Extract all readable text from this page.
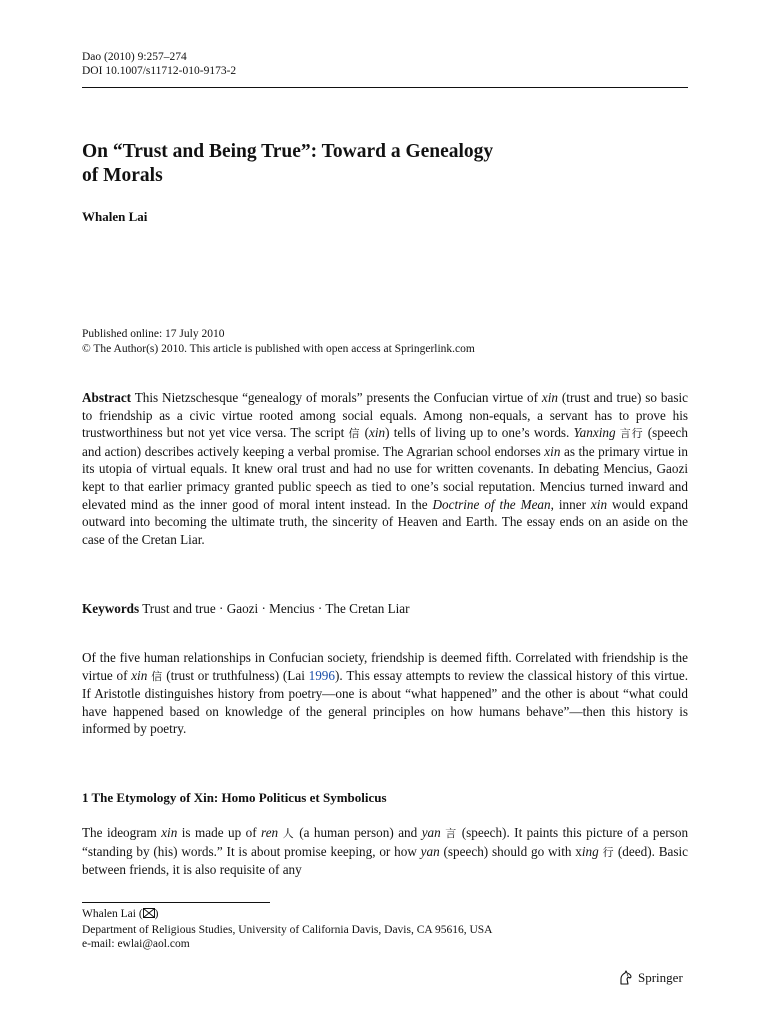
Dao (2010) 9:257–274
DOI 10.1007/s11712-010-9173-2
On “Trust and Being True”: Toward a Genealogy
of Morals
Whalen Lai
Published online: 17 July 2010
© The Author(s) 2010. This article is published with open access at Springerlink.com

Abstract This Nietzschesque “genealogy of morals” presents the Confucian virtue of xin (trust and true) so basic to friendship as a civic virtue rooted among social equals. Among non-equals, a servant has to prove his trustworthiness but not yet vice versa. The script 信 (xin) tells of living up to one’s words. Yanxing 言行 (speech and action) describes actively keeping a verbal promise. The Agrarian school endorses xin as the primary virtue in its utopia of virtual equals. It knew oral trust and had no use for written covenants. In debating Mencius, Gaozi kept to that earlier primacy granted public speech as tied to one’s social reputation. Mencius turned inward and elevated mind as the inner good of moral intent instead. In the Doctrine of the Mean, inner xin would expand outward into becoming the ultimate truth, the sincerity of Heaven and Earth. The essay ends on an aside on the case of the Cretan Liar.

Keywords Trust and true · Gaozi · Mencius · The Cretan Liar

Of the five human relationships in Confucian society, friendship is deemed fifth. Correlated with friendship is the virtue of xin 信 (trust or truthfulness) (Lai 1996). This essay attempts to review the classical history of this virtue. If Aristotle distinguishes history from poetry—one is about “what happened” and the other is about “what could have happened based on knowledge of the general principles on how humans behave”—then this history is informed by poetry.

1 The Etymology of Xin: Homo Politicus et Symbolicus

The ideogram xin is made up of ren 人 (a human person) and yan 言 (speech). It paints this picture of a person “standing by (his) words.” It is about promise keeping, or how yan (speech) should go with xing 行 (deed). Basic between friends, it is also requisite of any

Whalen Lai ( )
Department of Religious Studies, University of California Davis, Davis, CA 95616, USA
e-mail: ewlai@aol.com
Springer
